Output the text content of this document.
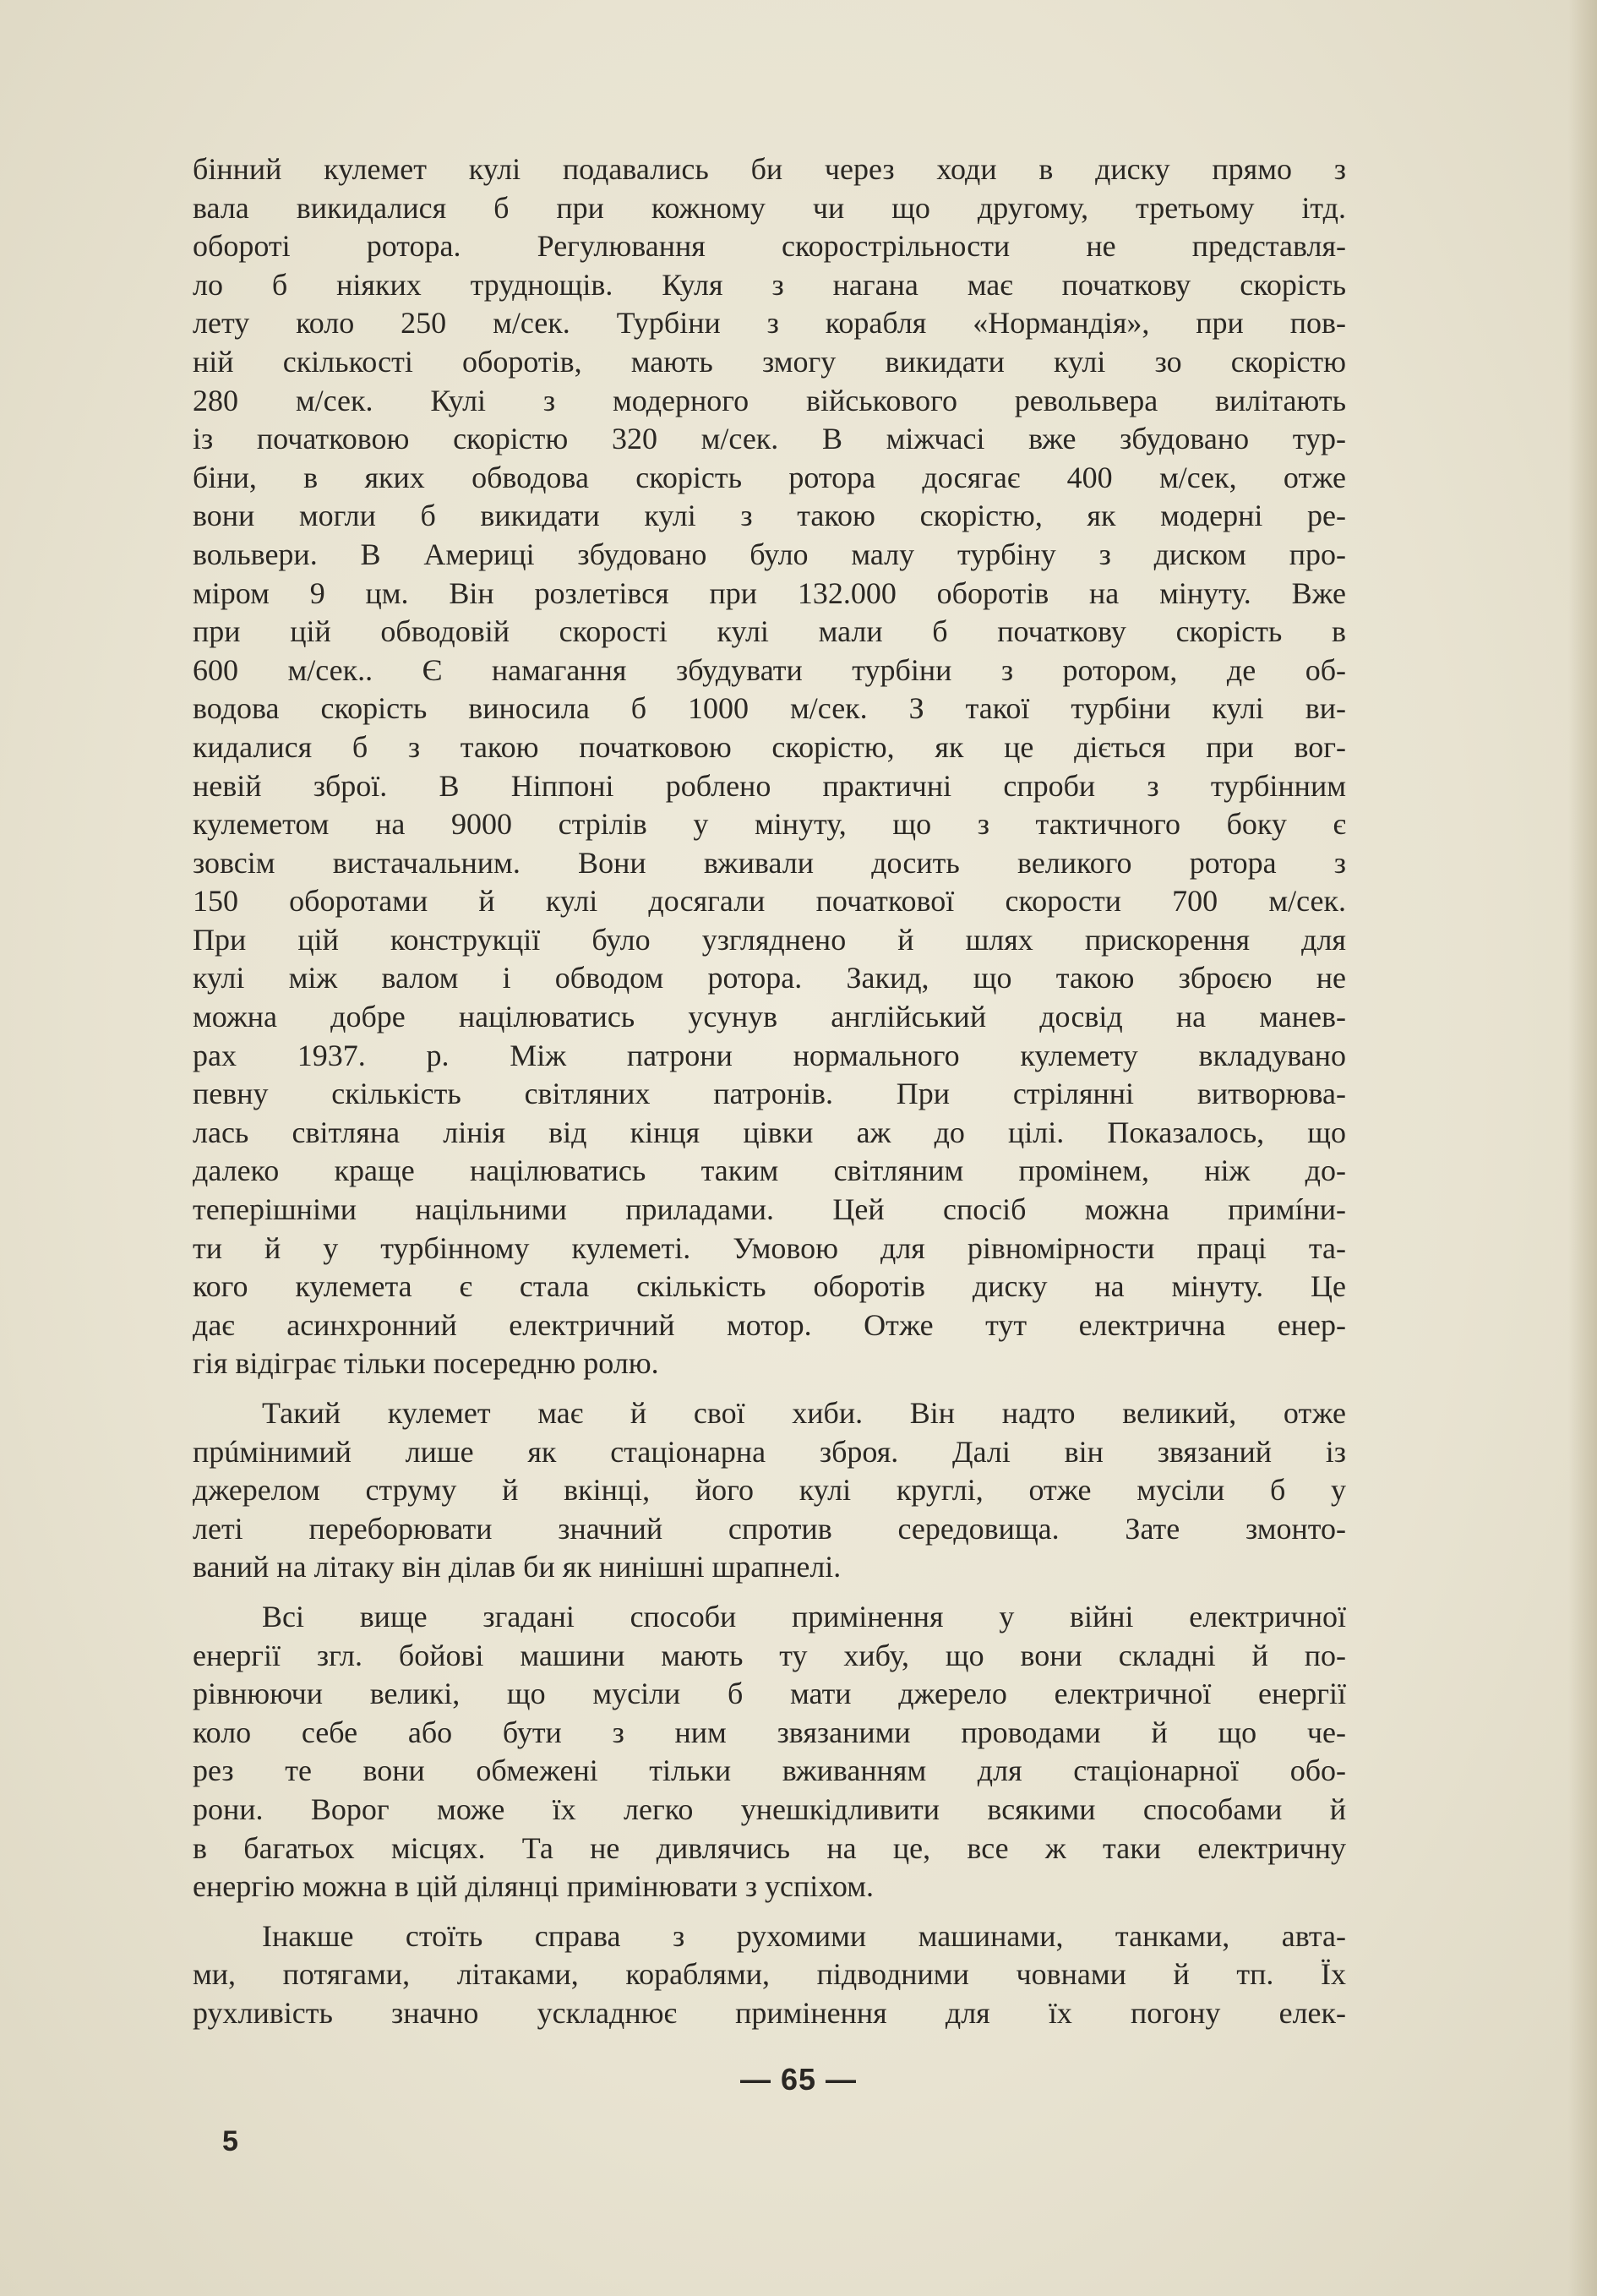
бінний кулемет кулі подавались би через ходи в диску прямо з
вала викидалися б при кожному чи що другому, третьому ітд.
обороті ротора. Регулювання скорострільности не представля-
ло б ніяких труднощів. Куля з нагана має початкову скорість
лету коло 250 м/сек. Турбіни з корабля «Нормандія», при пов-
ній скількості оборотів, мають змогу викидати кулі зо скорістю
280 м/сек. Кулі з модерного військового револьвера вилітають
із початковою скорістю 320 м/сек. В міжчасі вже збудовано тур-
біни, в яких обводова скорість ротора досягає 400 м/сек, отже
вони могли б викидати кулі з такою скорістю, як модерні ре-
вольвери. В Америці збудовано було малу турбіну з диском про-
міром 9 цм. Він розлетівся при 132.000 оборотів на мінуту. Вже
при цій обводовій скорості кулі мали б початкову скорість в
600 м/сек.. Є намагання збудувати турбіни з ротором, де об-
водова скорість виносила б 1000 м/сек. З такої турбіни кулі ви-
кидалися б з такою початковою скорістю, як це діється при вог-
невій зброї. В Ніппоні роблено практичні спроби з турбінним
кулеметом на 9000 стрілів у мінуту, що з тактичного боку є
зовсім вистачальним. Вони вживали досить великого ротора з
150 оборотами й кулі досягали початкової скорости 700 м/сек.
При цій конструкції було узгляднено й шлях прискорення для
кулі між валом і обводом ротора. Закид, що такою зброєю не
можна добре націлюватись усунув англійський досвід на манев-
рах 1937. р. Між патрони нормального кулемету вкладувано
певну скількість світляних патронів. При стрілянні витворюва-
лась світляна лінія від кінця цівки аж до цілі. Показалось, що
далеко краще націлюватись таким світляним промінем, ніж до-
теперішніми націльними приладами. Цей спосіб можна примíни-
ти й у турбінному кулеметі. Умовою для рівномірности праці та-
кого кулемета є стала скількість оборотів диску на мінуту. Це
дає асинхронний електричний мотор. Отже тут електрична енер-
гія відіграє тільки посередню ролю.
Такий кулемет має й свої хиби. Він надто великий, отже
прúмінимий лише як стаціонарна зброя. Далі він звязаний із
джерелом струму й вкінці, його кулі круглі, отже мусіли б у
леті переборювати значний спротив середовища. Зате змонто-
ваний на літаку він ділав би як нинішні шрапнелі.
Всі вище згадані способи примінення у війні електричної
енергії згл. бойові машини мають ту хибу, що вони складні й по-
рівнюючи великі, що мусіли б мати джерело електричної енергії
коло себе або бути з ним звязаними проводами й що че-
рез те вони обмежені тільки вживанням для стаціонарної обо-
рони. Ворог може їх легко унешкідливити всякими способами й
в багатьох місцях. Та не дивлячись на це, все ж таки електричну
енергію можна в цій ділянці примінювати з успіхом.
Інакше стоїть справа з рухомими машинами, танками, авта-
ми, потягами, літаками, кораблями, підводними човнами й тп. Їх
рухливість значно ускладнює примінення для їх погону елек-
— 65 —
5
